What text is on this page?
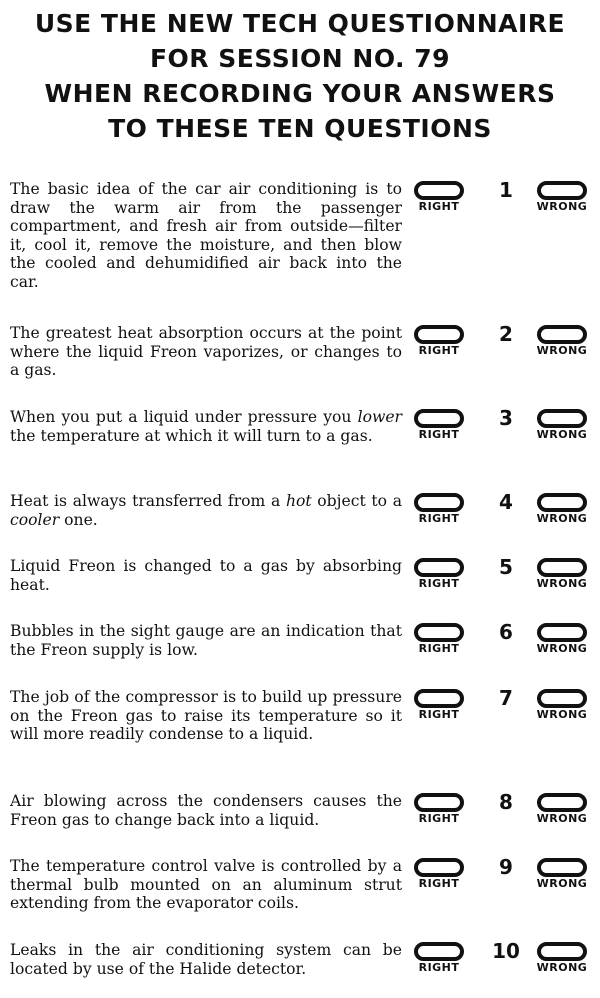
USE THE NEW TECH QUESTIONNAIRE
FOR SESSION NO. 79
WHEN RECORDING YOUR ANSWERS
TO THESE TEN QUESTIONS
The basic idea of the car air conditioning is to draw the warm air from the passenger compartment, and fresh air from outside—filter it, cool it, remove the moisture, and then blow the cooled and dehumidified air back into the car.
RIGHT
1
WRONG
The greatest heat absorption occurs at the point where the liquid Freon vaporizes, or changes to a gas.
RIGHT
2
WRONG
When you put a liquid under pressure you lower the temperature at which it will turn to a gas.	RIGHT
3
WRONG
Heat is always transferred from a hot object to a cooler one.	RIGHT
4
WRONG
Liquid Freon is changed to a gas by absorbing heat.	RIGHT
5
WRONG
Bubbles in the sight gauge are an indication that the Freon supply is low.	RIGHT
6
WRONG
The job of the compressor is to build up pressure on the Freon gas to raise its temperature so it will more readily condense to a liquid.
RIGHT
7
WRONG
Air blowing across the condensers causes the Freon gas to change back into a liquid.	RIGHT
8
WRONG
The temperature control valve is controlled by a thermal bulb mounted on an aluminum strut extending from the evaporator coils.
RIGHT
9
WRONG
Leaks in the air conditioning system can be located by use of the Halide detector.	RIGHT
10
WRONG
